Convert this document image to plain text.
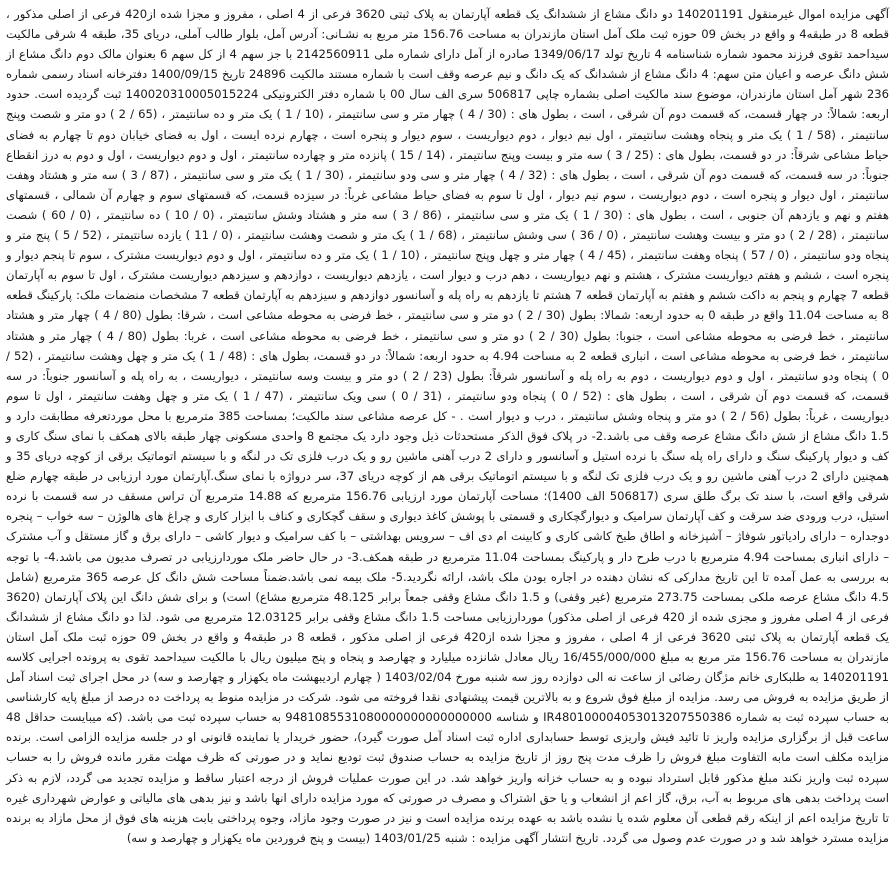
آگهی مزایده اموال غیرمنقول 140201191 دو دانگ مشاع از ششدانگ یک قطعه آپارتمان به پلاک ثبتی 3620 فرعی از 4 اصلی ، مفروز و مجزا شده از420 فرعی از اصلی مذکور ، قطعه 8 در طبقه4 و واقع در بخش 09 حوزه ثبت ملک آمل استان مازندران به مساحت 156.76 متر مربع به نشـانی: آدرس آمل، بلوار طالب آملی، دریای 35، طبقه 4 شرقی مالکیت سیداحمد تقوی فرزند محمود شماره شناسنامه 4 تاریخ تولد 1349/06/17 صادره از آمل دارای شماره ملی 2142560911 با جز سهم 4 از کل سهم 6 بعنوان مالک دوم دانگ مشاع از شش دانگ عرصه و اعیان متن سهم: 4 دانگ مشاع از ششدانگ که یک دانگ و نیم عرصه وقف است با شماره مستند مالکیت 24896 تاریخ 1400/09/15 دفترخانه اسناد رسمی شماره 236 شهر آمل استان مازندران، موضوع سند مالکیت اصلی بشماره چاپی 506817 سری الف سال 00 با شماره دفتر الکترونیکی 140020310005015224 ثبت گردیده است. حدود اربعه: شمالاً: در چهار قسمت، که قسمت دوم آن شرقی ، است ، بطول های : (30 / 4 ) چهار متر و سی سانتیمتر ، (10 / 1 ) یک متر و ده سانتیمتر ، (65 / 2 ) دو متر و شصت وپنج سانتیمتر ، (58 / 1 ) یک متر و پنجاه وهشت سانتیمتر ، اول نیم دیوار ، دوم دیواریست ، سوم دیوار و پنجره است ، چهارم نرده ایست ، اول به فضای خیابان دوم تا چهارم به فضای حیاط مشاعی شرقاً: در دو قسمت، بطول های : (25 / 3 ) سه متر و بیست وپنج سانتیمتر ، (14 / 15 ) پانزده متر و چهارده سانتیمتر ، اول و دوم دیواریست ، اول و دوم به درز انقطاع جنوباً: در سه قسمت، که قسمت دوم آن شرقی ، است ، بطول های : (32 / 4 ) چهار متر و سی ودو سانتیمتر ، (30 / 1 ) یک متر و سی سانتیمتر ، (87 / 3 ) سه متر و هشتاد وهفت سانتیمتر ، اول دیوار و پنجره است ، دوم دیواریست ، سوم نیم دیوار ، اول تا سوم به فضای حیاط مشاعی غرباً: در سیزده قسمت، که قسمتهای سوم و چهارم آن شمالی ، قسمتهای هفتم و نهم و یازدهم آن جنوبی ، است ، بطول های : (30 / 1 ) یک متر و سی سانتیمتر ، (86 / 3 ) سه متر و هشتاد وشش سانتیمتر ، (0 / 10 ) ده سانتیمتر ، (0 / 60 ) شصت سانتیمتر ، (28 / 2 ) دو متر و بیست وهشت سانتیمتر ، (0 / 36 ) سی وشش سانتیمتر ، (68 / 1 ) یک متر و شصت وهشت سانتیمتر ، (0 / 11 ) یازده سانتیمتر ، (52 / 5 ) پنج متر و پنجاه ودو سانتیمتر ، (0 / 57 ) پنجاه وهفت سانتیمتر ، (45 / 4 ) چهار متر و چهل وپنج سانتیمتر ، (10 / 1 ) یک متر و ده سانتیمتر ، اول و دوم دیواریست مشترک ، سوم تا پنجم دیوار و پنجره است ، ششم و هفتم دیواریست مشترک ، هشتم و نهم دیواریست ، دهم درب و دیوار است ، یازدهم دیواریست ، دوازدهم و سیزدهم دیواریست مشترک ، اول تا سوم به آپارتمان قطعه 7 چهارم و پنجم به داکت ششم و هفتم به آپارتمان قطعه 7 هشتم تا یازدهم به راه پله و آسانسور دوازدهم و سیزدهم به آپارتمان قطعه 7 مشخصات منضمات ملک: پارکینگ قطعه 8 به مساحت 11.04 واقع در طبقه 0 به حدود اربعه: شمالا: بطول (30 / 2 ) دو متر و سی سانتیمتر ، خط فرضی به محوطه مشاعی است ، شرقا: بطول (80 / 4 ) چهار متر و هشتاد سانتیمتر ، خط فرضی به محوطه مشاعی است ، جنوبا: بطول (30 / 2 ) دو متر و سی سانتیمتر ، خط فرضی به محوطه مشاعی است ، غربا: بطول (80 / 4 ) چهار متر و هشتاد سانتیمتر ، خط فرضی به محوطه مشاعی است ، انباری قطعه 2 به مساحت 4.94 به حدود اربعه: شمالاً: در دو قسمت، بطول های : (48 / 1 ) یک متر و چهل وهشت سانتیمتر ، (52 / 0 ) پنجاه ودو سانتیمتر ، اول و دوم دیواریست ، دوم به راه پله و آسانسور شرقاً: بطول (23 / 2 ) دو متر و بیست وسه سانتیمتر ، دیواریست ، به راه پله و آسانسور جنوباً: در سه قسمت، که قسمت دوم آن شرقی ، است ، بطول های : (52 / 0 ) پنجاه ودو سانتیمتر ، (31 / 0 ) سی ویک سانتیمتر ، (47 / 1 ) یک متر و چهل وهفت سانتیمتر ، اول تا سوم دیواریست ، غرباً: بطول (56 / 2 ) دو متر و پنجاه وشش سانتیمتر ، درب و دیوار است . - کل عرصه مشاعی سند مالکیت؛ بمساحت 385 مترمربع با محل موردتعرفه مطابقت دارد و 1.5 دانگ مشاع از شش دانگ مشاع عرصه وقف می باشد.2- در پلاک فوق الذکر مستحدثات ذیل وجود دارد یک مجتمع 8 واحدی مسکونی چهار طبقه بالای همکف با نمای سنگ کاری و کف و دیوار پارکینگ سنگ و دارای راه پله سنگ با نرده استیل و آسانسور و دارای 2 درب آهنی ماشین رو و یک درب فلزی تک در لنگه و با سیستم اتوماتیک برقی از کوچه دریای 35 و همچنین دارای 2 درب آهنی ماشین رو و یک درب فلزی تک لنگه و با سیستم اتوماتیک برقی هم از کوچه دریای 37، سر درواژه با نمای سنگ.آپارتمان مورد ارزیابی در طبقه چهارم ضلع شرقی واقع است، با سند تک برگ طلق سری (506817 الف 1400)؛ مساحت آپارتمان مورد ارزیابی 156.76 مترمربع که 14.88 مترمربع آن تراس مسقف در سه قسمت با نرده استیل، درب ورودی ضد سرقت و کف آپارتمان سرامیک و دیوارگچکاری و قسمتی با پوشش کاغذ دیواری و سقف گچکاری و کناف با ابزار کاری و چراغ های هالوژن – سه خواب – پنجره دوجداره – دارای رادیاتور شوفاژ – آشپزخانه و اطاق طبخ کاشی کاری و کابینت ام دی اف – سرویس بهداشتی – با کف سرامیک و دیوار کاشی – دارای برق و گاز مستقل و آب مشترک – دارای انباری بمساحت 4.94 مترمربع با درب طرح دار و پارکینگ بمساحت 11.04 مترمربع در طبقه همکف.3- در حال حاضر ملک موردارزیابی در تصرف مدیون می باشد.4- با توجه به بررسی به عمل آمده تا این تاریخ مدارکی که نشان دهنده در اجاره بودن ملک باشد، ارائه نگردید.5- ملک بیمه نمی باشد.ضمناً مساحت شش دانگ کل عرصه 365 مترمربع (شامل 4.5 دانگ مشاع عرصه ملکی بمساحت 273.75 مترمربع (غیر وقفی) و 1.5 دانگ مشاع وقفی جمعاً برابر 48.125 مترمربع مشاع) است) و برای شش دانگ این پلاک آپارتمان (3620 فرعی از 4 اصلی مفروز و مجزی شده از 420 فرعی از اصلی مذکور) موردارزیابی مساحت 1.5 دانگ مشاع وقفی برابر 12.03125 مترمربع می شود. لذا دو دانگ مشاع از ششدانگ یک قطعه آپارتمان به پلاک ثبتی 3620 فرعی از 4 اصلی ، مفروز و مجزا شده از420 فرعی از اصلی مذکور ، قطعه 8 در طبقه4 و واقع در بخش 09 حوزه ثبت ملک آمل استان مازندران به مساحت 156.76 متر مربع به مبلغ 16/455/000/000 ریال معادل شانزده میلیارد و چهارصد و پنجاه و پنج میلیون ریال با مالکیت سیداحمد تقوی به پرونده اجرایی کلاسه 140201191 به طلبکاری خانم مژگان رضائی از ساعت نه الی دوازده روز سه شنبه مورخ 1403/02/04 ( چهارم اردیبهشت ماه یکهزار و چهارصد و سه) در محل اجرای ثبت اسناد آمل از طریق مزایده به فروش می رسد. مزایده از مبلغ فوق شروع و به بالاترین قیمت پیشنهادی نقدا فروخته می شود. شرکت در مزایده منوط به پرداخت ده درصد از مبلغ پایه کارشناسی به حساب سپرده ثبت به شماره IR480100004053013207550386 و شناسه 9481085531080000000000000000 به حساب سپرده ثبت می باشد. (که میبایست حداقل 48 ساعت قبل از برگزاری مزایده واریز تا تائید فیش واریزی توسط حسابداری اداره ثبت اسناد آمل صورت گیرد)، حضور خریدار یا نماینده قانونی او در جلسه مزایده الزامی است. برنده مزایده مکلف است مابه التفاوت مبلغ فروش را ظرف مدت پنج روز از تاریخ مزایده به حساب صندوق ثبت تودیع نماید و در صورتی که ظرف مهلت مقرر مانده فروش را به حساب سپرده ثبت واریز نکند مبلغ مذکور قابل استرداد نبوده و به حساب خزانه واریز خواهد شد. در این صورت عملیات فروش از درجه اعتبار ساقط و مزایده تجدید می گردد، لازم به ذکر است پرداخت بدهی های مربوط به آب، برق، گاز اعم از انشعاب و یا حق اشتراک و مصرف در صورتی که مورد مزایده دارای انها باشد و نیز بدهی های مالیاتی و عوارض شهرداری غیره تا تاریخ مزایده اعم از اینکه رقم قطعی آن معلوم شده یا نشده باشد به عهده برنده مزایده است و نیز در صورت وجود مازاد، وجوه پرداختی بابت هزینه های فوق از محل مازاد به برنده مزایده مسترد خواهد شد و در صورت عدم وصول می گردد. تاریخ انتشار آگهی مزایده : شنبه 1403/01/25 (بیست و پنج فروردین ماه یکهزار و چهارصد و سه)
